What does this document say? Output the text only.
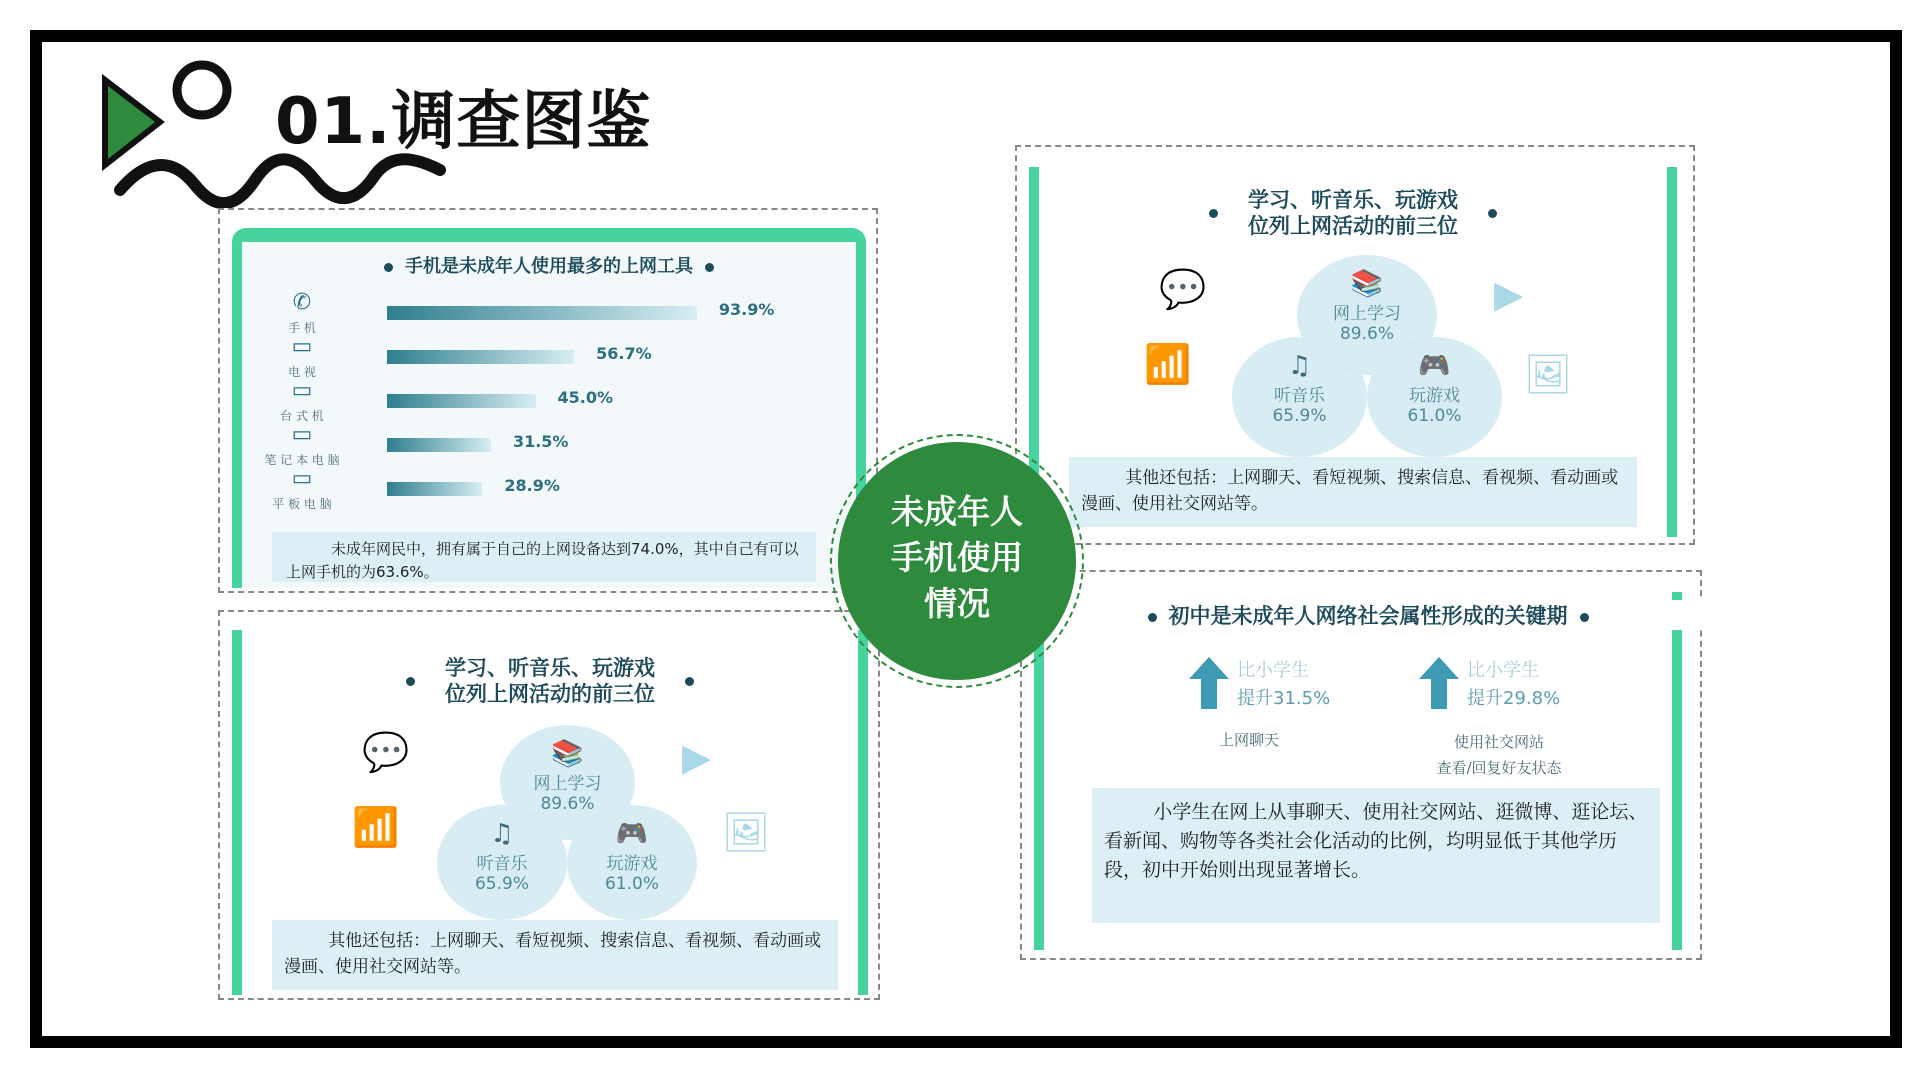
01.调查图鉴
手机是未成年人使用最多的上网工具
✆
手 机
93.9%
▭
电 视
56.7%
▭
台 式 机
45.0%
▭
笔 记 本 电 脑
31.5%
▭
平 板 电 脑
28.9%
未成年网民中，拥有属于自己的上网设备达到74.0%，其中自己有可以上网手机的为63.6%。
学习、听音乐、玩游戏
位列上网活动的前三位
💬	▶
📶	🖼
📚
网上学习
89.6%
♫
听音乐
65.9%
🎮
玩游戏
61.0%
其他还包括：上网聊天、看短视频、搜索信息、看视频、看动画或漫画、使用社交网站等。
学习、听音乐、玩游戏
位列上网活动的前三位
💬	▶
📶	🖼
📚
网上学习
89.6%
♫
听音乐
65.9%
🎮
玩游戏
61.0%
其他还包括：上网聊天、看短视频、搜索信息、看视频、看动画或漫画、使用社交网站等。
初中是未成年人网络社会属性形成的关键期
比小学生
提升31.5%
上网聊天
比小学生
提升29.8%
使用社交网站
查看/回复好友状态
小学生在网上从事聊天、使用社交网站、逛微博、逛论坛、看新闻、购物等各类社会化活动的比例，均明显低于其他学历段，初中开始则出现显著增长。
未成年人
手机使用
情况
